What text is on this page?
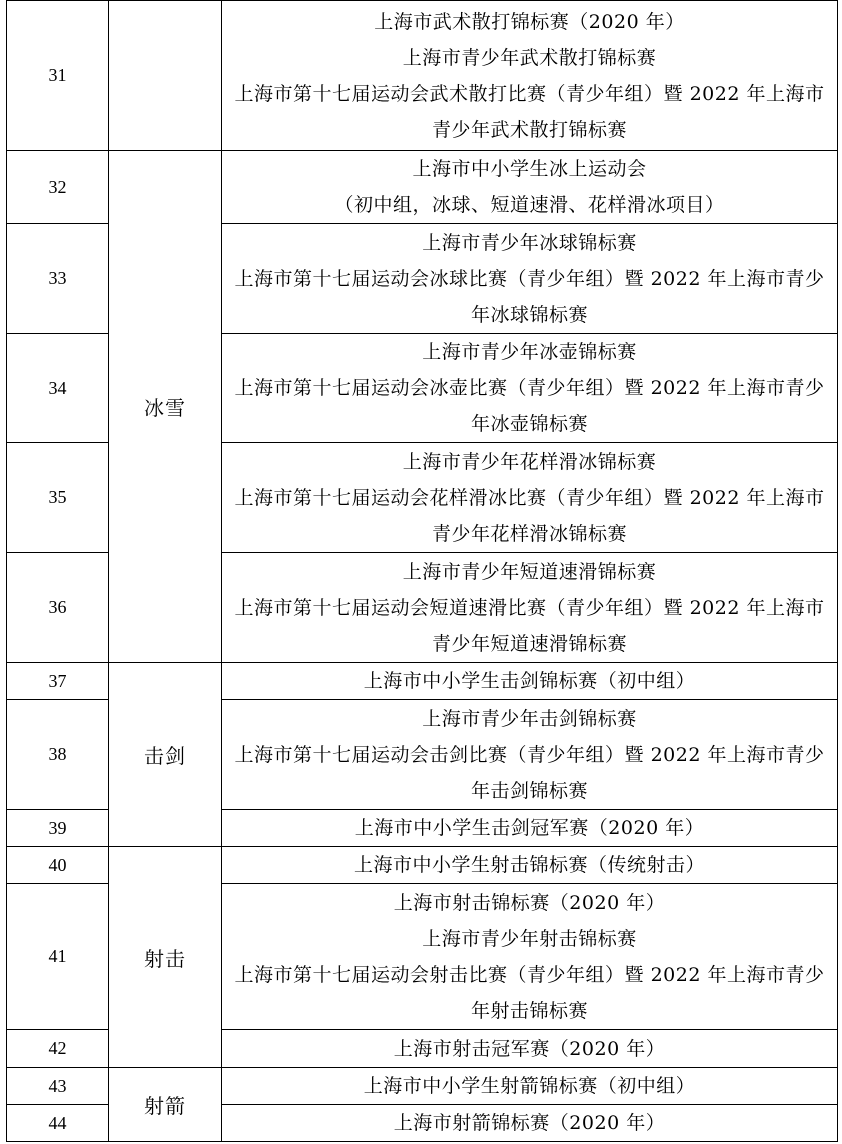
31		上海市武术散打锦标赛（2020 年）
上海市青少年武术散打锦标赛
上海市第十七届运动会武术散打比赛（青少年组）暨 2022 年上海市青少年武术散打锦标赛

32	冰雪	上海市中小学生冰上运动会
（初中组，冰球、短道速滑、花样滑冰项目）

33		上海市青少年冰球锦标赛
上海市第十七届运动会冰球比赛（青少年组）暨 2022 年上海市青少年冰球锦标赛

34		上海市青少年冰壶锦标赛
上海市第十七届运动会冰壶比赛（青少年组）暨 2022 年上海市青少年冰壶锦标赛

35		上海市青少年花样滑冰锦标赛
上海市第十七届运动会花样滑冰比赛（青少年组）暨 2022 年上海市青少年花样滑冰锦标赛

36		上海市青少年短道速滑锦标赛
上海市第十七届运动会短道速滑比赛（青少年组）暨 2022 年上海市青少年短道速滑锦标赛

37	击剑	上海市中小学生击剑锦标赛（初中组）

38		上海市青少年击剑锦标赛
上海市第十七届运动会击剑比赛（青少年组）暨 2022 年上海市青少年击剑锦标赛

39		上海市中小学生击剑冠军赛（2020 年）

40	射击	上海市中小学生射击锦标赛（传统射击）

41		上海市射击锦标赛（2020 年）
上海市青少年射击锦标赛
上海市第十七届运动会射击比赛（青少年组）暨 2022 年上海市青少年射击锦标赛

42		上海市射击冠军赛（2020 年）

43	射箭	上海市中小学生射箭锦标赛（初中组）

44		上海市射箭锦标赛（2020 年）
